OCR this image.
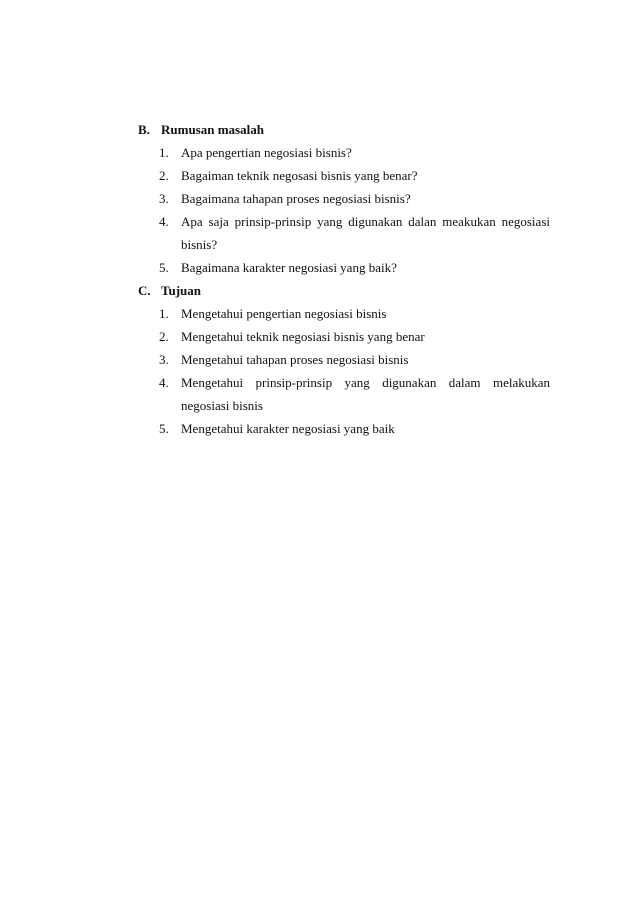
B. Rumusan masalah
1. Apa pengertian negosiasi bisnis?
2. Bagaiman teknik negosasi bisnis yang benar?
3. Bagaimana tahapan proses negosiasi bisnis?
4. Apa saja prinsip-prinsip yang digunakan dalan meakukan negosiasi
bisnis?
5. Bagaimana karakter negosiasi yang baik?
C. Tujuan
1. Mengetahui pengertian negosiasi bisnis
2. Mengetahui teknik negosiasi bisnis yang benar
3. Mengetahui tahapan proses negosiasi bisnis
4. Mengetahui prinsip-prinsip yang digunakan dalam melakukan
negosiasi bisnis
5. Mengetahui karakter negosiasi yang baik
